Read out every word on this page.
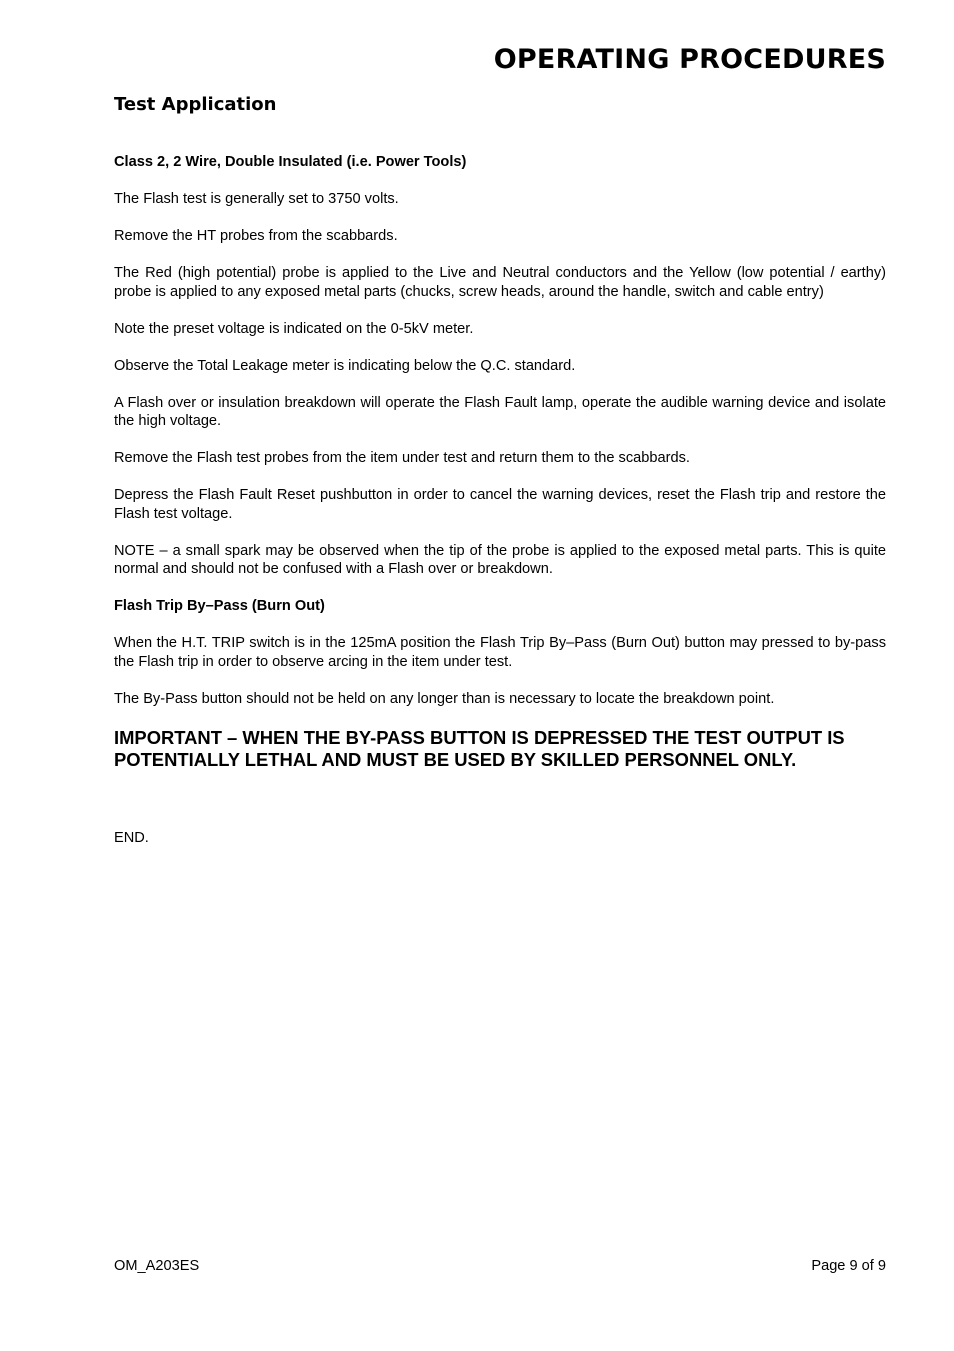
OPERATING PROCEDURES
Test Application

Class 2, 2 Wire, Double Insulated (i.e. Power Tools)

The Flash test is generally set to 3750 volts.

Remove the HT probes from the scabbards.

The Red (high potential) probe is applied to the Live and Neutral conductors and the Yellow (low potential / earthy) probe is applied to any exposed metal parts (chucks, screw heads, around the handle, switch and cable entry)

Note the preset voltage is indicated on the 0-5kV meter.

Observe the Total Leakage meter is indicating below the Q.C. standard.

A Flash over or insulation breakdown will operate the Flash Fault lamp, operate the audible warning device and isolate the high voltage.

Remove the Flash test probes from the item under test and return them to the scabbards.

Depress the Flash Fault Reset pushbutton in order to cancel the warning devices, reset the Flash trip and restore the Flash test voltage.

NOTE – a small spark may be observed when the tip of the probe is applied to the exposed metal parts. This is quite normal and should not be confused with a Flash over or breakdown.

Flash Trip By–Pass (Burn Out)

When the H.T. TRIP switch is in the 125mA position the Flash Trip By–Pass (Burn Out) button may pressed to by-pass the Flash trip in order to observe arcing in the item under test.

The By-Pass button should not be held on any longer than is necessary to locate the breakdown point.

IMPORTANT – WHEN THE BY-PASS BUTTON IS DEPRESSED THE TEST OUTPUT IS POTENTIALLY LETHAL AND MUST BE USED BY SKILLED PERSONNEL ONLY.

END.

OM_A203ES	Page 9 of 9
